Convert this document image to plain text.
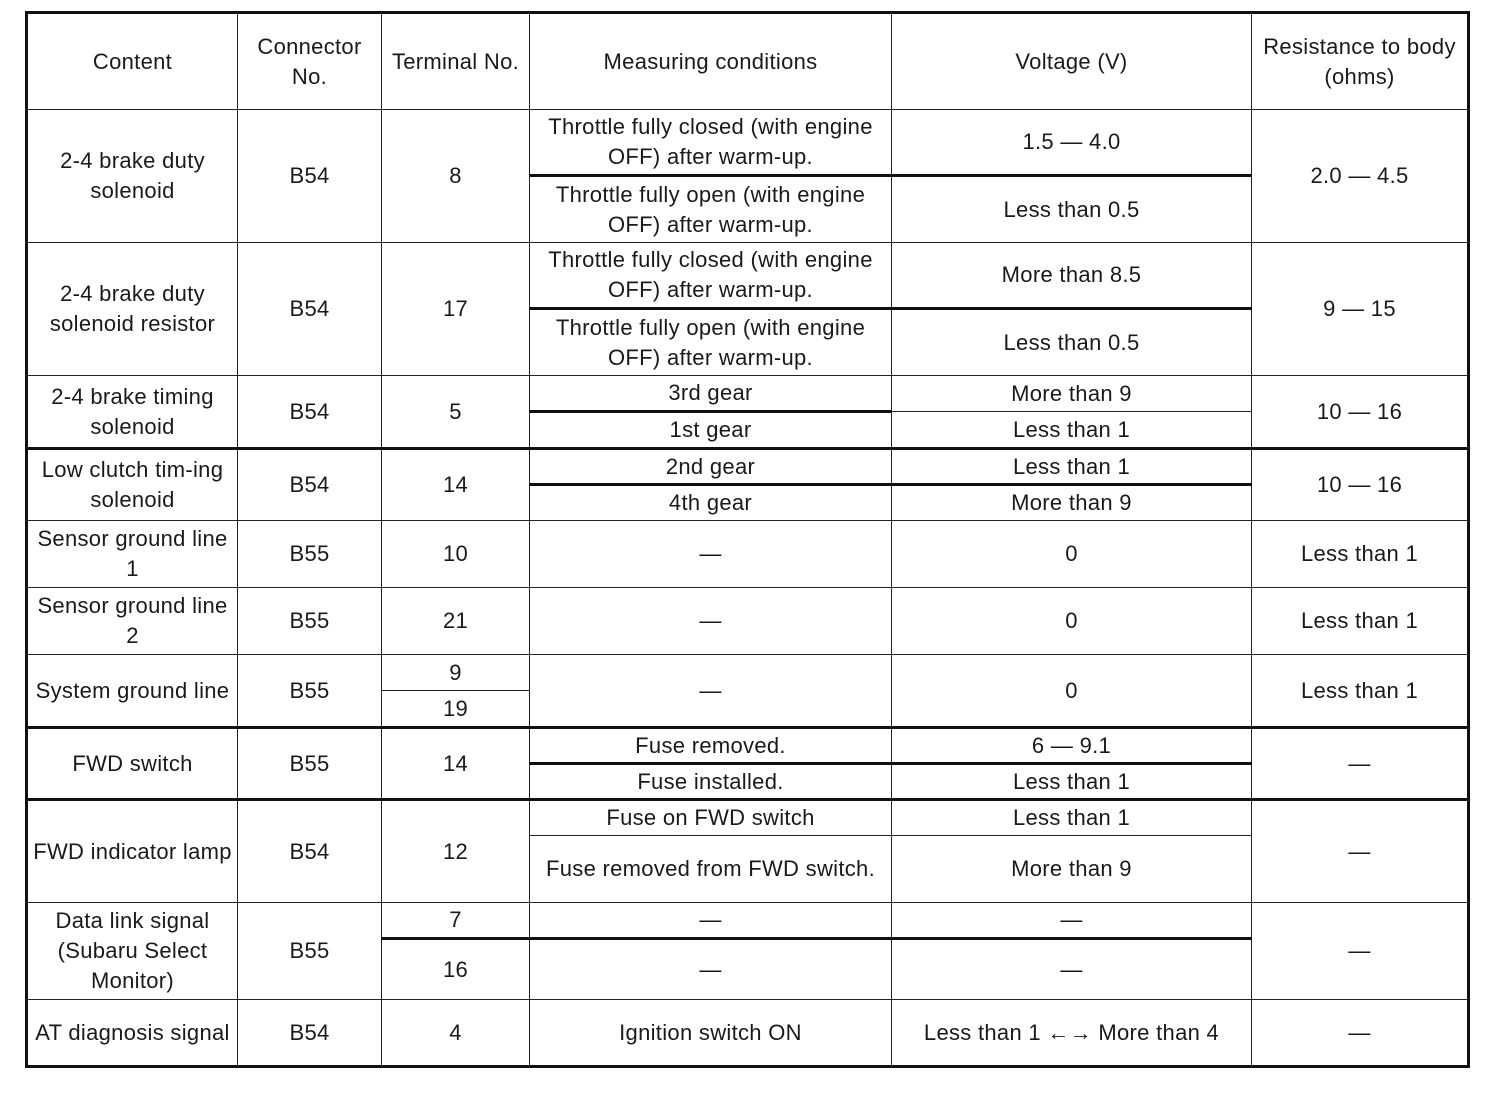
Content	Connector No.	Terminal No.	Measuring conditions	Voltage (V)	Resistance to body (ohms)
2-4 brake duty solenoid	B54	8	Throttle fully closed (with engine OFF) after warm-up.	1.5 — 4.0	2.0 — 4.5
			Throttle fully open (with engine OFF) after warm-up.	Less than 0.5	
2-4 brake duty solenoid resistor	B54	17	Throttle fully closed (with engine OFF) after warm-up.	More than 8.5	9 — 15
			Throttle fully open (with engine OFF) after warm-up.	Less than 0.5	
2-4 brake timing solenoid	B54	5	3rd gear	More than 9	10 — 16
			1st gear	Less than 1	
Low clutch tim-ing solenoid	B54	14	2nd gear	Less than 1	10 — 16
			4th gear	More than 9	
Sensor ground line 1	B55	10	—	0	Less than 1
Sensor ground line 2	B55	21	—	0	Less than 1
System ground line	B55	9	—	0	Less than 1
		19			
FWD switch	B55	14	Fuse removed.	6 — 9.1	—
			Fuse installed.	Less than 1	
FWD indicator lamp	B54	12	Fuse on FWD switch	Less than 1	—
			Fuse removed from FWD switch.	More than 9	
Data link signal (Subaru Select Monitor)	B55	7	—	—	—
		16	—	—	
AT diagnosis signal	B54	4	Ignition switch ON	Less than 1 ←→ More than 4	—
